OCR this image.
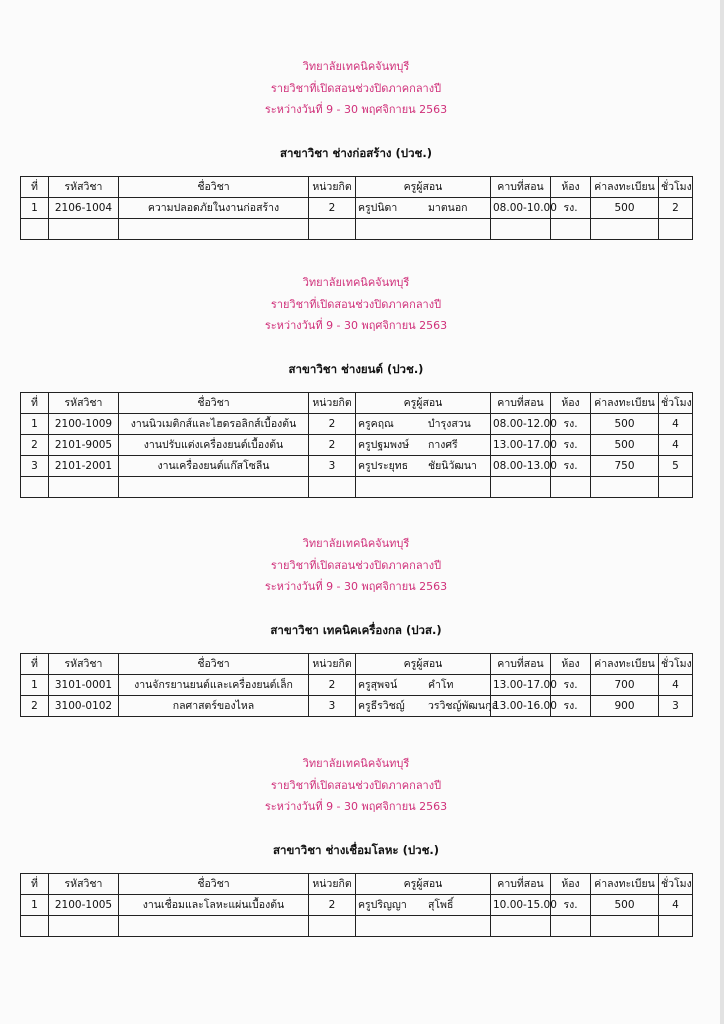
วิทยาลัยเทคนิคจันทบุรี
รายวิชาที่เปิดสอนช่วงปิดภาคกลางปี
ระหว่างวันที่ 9 - 30 พฤศจิกายน 2563
สาขาวิชา ช่างก่อสร้าง (ปวช.)
ที่	รหัสวิชา	ชื่อวิชา	หน่วยกิต	ครูผู้สอน	คาบที่สอน	ห้อง	ค่าลงทะเบียน	ชั่วโมง
1	2106-1004	ความปลอดภัยในงานก่อสร้าง	2	ครูปนิดา มาตนอก	08.00-10.00	รง.	500	2

วิทยาลัยเทคนิคจันทบุรี
รายวิชาที่เปิดสอนช่วงปิดภาคกลางปี
ระหว่างวันที่ 9 - 30 พฤศจิกายน 2563
สาขาวิชา ช่างยนต์ (ปวช.)
ที่	รหัสวิชา	ชื่อวิชา	หน่วยกิต	ครูผู้สอน	คาบที่สอน	ห้อง	ค่าลงทะเบียน	ชั่วโมง
1	2100-1009	งานนิวเมติกส์และไฮดรอลิกส์เบื้องต้น	2	ครูคฤณ บำรุงสวน	08.00-12.00	รง.	500	4
2	2101-9005	งานปรับแต่งเครื่องยนต์เบื้องต้น	2	ครูปฐมพงษ์ กางศรี	13.00-17.00	รง.	500	4
3	2101-2001	งานเครื่องยนต์แก๊สโซลีน	3	ครูประยุทธ ชัยนิวัฒนา	08.00-13.00	รง.	750	5

วิทยาลัยเทคนิคจันทบุรี
รายวิชาที่เปิดสอนช่วงปิดภาคกลางปี
ระหว่างวันที่ 9 - 30 พฤศจิกายน 2563
สาขาวิชา เทคนิคเครื่องกล (ปวส.)
ที่	รหัสวิชา	ชื่อวิชา	หน่วยกิต	ครูผู้สอน	คาบที่สอน	ห้อง	ค่าลงทะเบียน	ชั่วโมง
1	3101-0001	งานจักรยานยนต์และเครื่องยนต์เล็ก	2	ครูสุพจน์ คำโท	13.00-17.00	รง.	700	4
2	3100-0102	กลศาสตร์ของไหล	3	ครูธีรวิชญ์ วรวิชญ์พัฒนกุล	13.00-16.00	รง.	900	3
วิทยาลัยเทคนิคจันทบุรี
รายวิชาที่เปิดสอนช่วงปิดภาคกลางปี
ระหว่างวันที่ 9 - 30 พฤศจิกายน 2563
สาขาวิชา ช่างเชื่อมโลหะ (ปวช.)
ที่	รหัสวิชา	ชื่อวิชา	หน่วยกิต	ครูผู้สอน	คาบที่สอน	ห้อง	ค่าลงทะเบียน	ชั่วโมง
1	2100-1005	งานเชื่อมและโลหะแผ่นเบื้องต้น	2	ครูปริญญา สุโพธิ์	10.00-15.00	รง.	500	4
